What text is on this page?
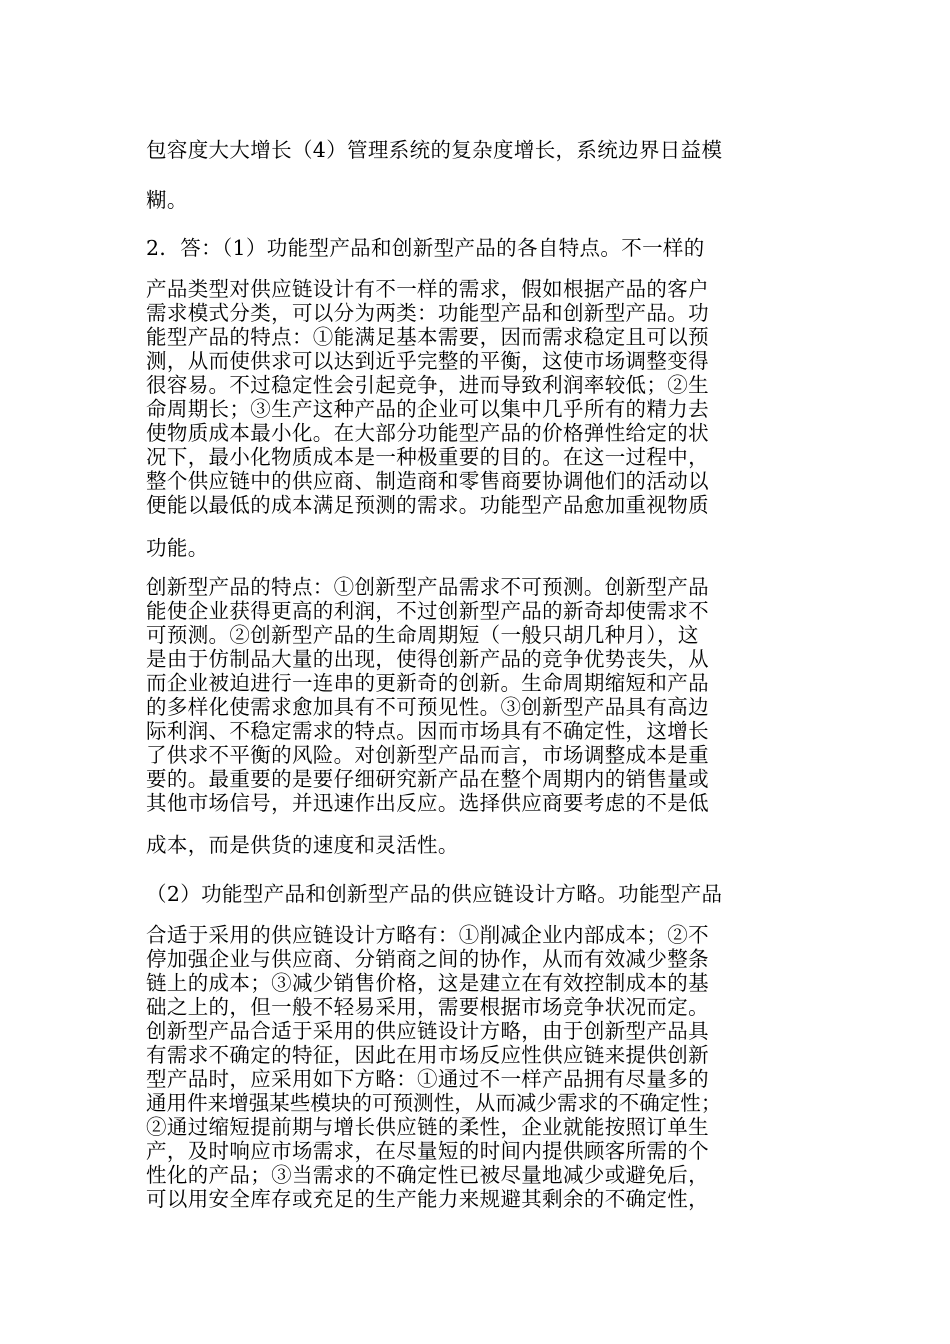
包容度大大增长（4）管理系统的复杂度增长，系统边界日益模
糊。
2．答：（1）功能型产品和创新型产品的各自特点。不一样的
产品类型对供应链设计有不一样的需求，假如根据产品的客户
需求模式分类，可以分为两类：功能型产品和创新型产品。功
能型产品的特点：①能满足基本需要，因而需求稳定且可以预
测，从而使供求可以达到近乎完整的平衡，这使市场调整变得
很容易。不过稳定性会引起竞争，进而导致利润率较低；②生
命周期长；③生产这种产品的企业可以集中几乎所有的精力去
使物质成本最小化。在大部分功能型产品的价格弹性给定的状
况下，最小化物质成本是一种极重要的目的。在这一过程中，
整个供应链中的供应商、制造商和零售商要协调他们的活动以
便能以最低的成本满足预测的需求。功能型产品愈加重视物质
功能。
创新型产品的特点：①创新型产品需求不可预测。创新型产品
能使企业获得更高的利润，不过创新型产品的新奇却使需求不
可预测。②创新型产品的生命周期短（一般只胡几种月），这
是由于仿制品大量的出现，使得创新产品的竞争优势丧失，从
而企业被迫进行一连串的更新奇的创新。生命周期缩短和产品
的多样化使需求愈加具有不可预见性。③创新型产品具有高边
际利润、不稳定需求的特点。因而市场具有不确定性，这增长
了供求不平衡的风险。对创新型产品而言，市场调整成本是重
要的。最重要的是要仔细研究新产品在整个周期内的销售量或
其他市场信号，并迅速作出反应。选择供应商要考虑的不是低
成本，而是供货的速度和灵活性。
（2）功能型产品和创新型产品的供应链设计方略。功能型产品
合适于采用的供应链设计方略有：①削减企业内部成本；②不
停加强企业与供应商、分销商之间的协作，从而有效减少整条
链上的成本；③减少销售价格，这是建立在有效控制成本的基
础之上的，但一般不轻易采用，需要根据市场竞争状况而定。
创新型产品合适于采用的供应链设计方略，由于创新型产品具
有需求不确定的特征，因此在用市场反应性供应链来提供创新
型产品时，应采用如下方略：①通过不一样产品拥有尽量多的
通用件来增强某些模块的可预测性，从而减少需求的不确定性；
②通过缩短提前期与增长供应链的柔性，企业就能按照订单生
产，及时响应市场需求，在尽量短的时间内提供顾客所需的个
性化的产品；③当需求的不确定性已被尽量地减少或避免后，
可以用安全库存或充足的生产能力来规避其剩余的不确定性，
